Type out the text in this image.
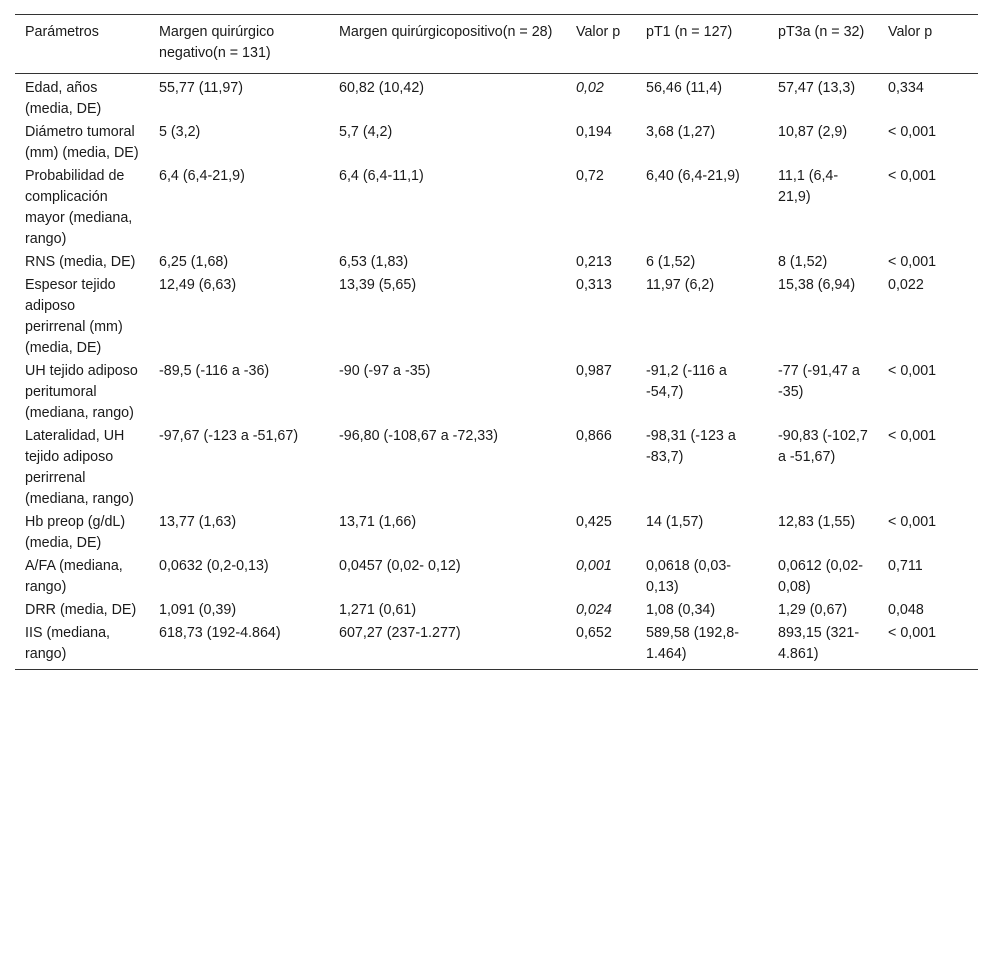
Parámetros	Margen quirúrgico negativo(n = 131)	Margen quirúrgicopositivo(n = 28)	Valor p	pT1 (n = 127)	pT3a (n = 32)	Valor p
Edad, años (media, DE)	55,77 (11,97)	60,82 (10,42)	0,02	56,46 (11,4)	57,47 (13,3)	0,334
Diámetro tumoral (mm) (media, DE)	5 (3,2)	5,7 (4,2)	0,194	3,68 (1,27)	10,87 (2,9)	< 0,001
Probabilidad de complicación mayor (mediana, rango)	6,4 (6,4-21,9)	6,4 (6,4-11,1)	0,72	6,40 (6,4-21,9)	11,1 (6,4-21,9)	< 0,001
RNS (media, DE)	6,25 (1,68)	6,53 (1,83)	0,213	6 (1,52)	8 (1,52)	< 0,001
Espesor tejido adiposo perirrenal (mm) (media, DE)	12,49 (6,63)	13,39 (5,65)	0,313	11,97 (6,2)	15,38 (6,94)	0,022
UH tejido adiposo peritumoral (mediana, rango)	-89,5 (-116 a -36)	-90 (-97 a -35)	0,987	-91,2 (-116 a -54,7)	-77 (-91,47 a -35)	< 0,001
Lateralidad, UH tejido adiposo perirrenal (mediana, rango)	-97,67 (-123 a -51,67)	-96,80 (-108,67 a -72,33)	0,866	-98,31 (-123 a -83,7)	-90,83 (-102,7 a -51,67)	< 0,001
Hb preop (g/dL) (media, DE)	13,77 (1,63)	13,71 (1,66)	0,425	14 (1,57)	12,83 (1,55)	< 0,001
A/FA (mediana, rango)	0,0632 (0,2-0,13)	0,0457 (0,02- 0,12)	0,001	0,0618 (0,03-0,13)	0,0612 (0,02-0,08)	0,711
DRR (media, DE)	1,091 (0,39)	1,271 (0,61)	0,024	1,08 (0,34)	1,29 (0,67)	0,048
IIS (mediana, rango)	618,73 (192-4.864)	607,27 (237-1.277)	0,652	589,58 (192,8-1.464)	893,15 (321-4.861)	< 0,001
